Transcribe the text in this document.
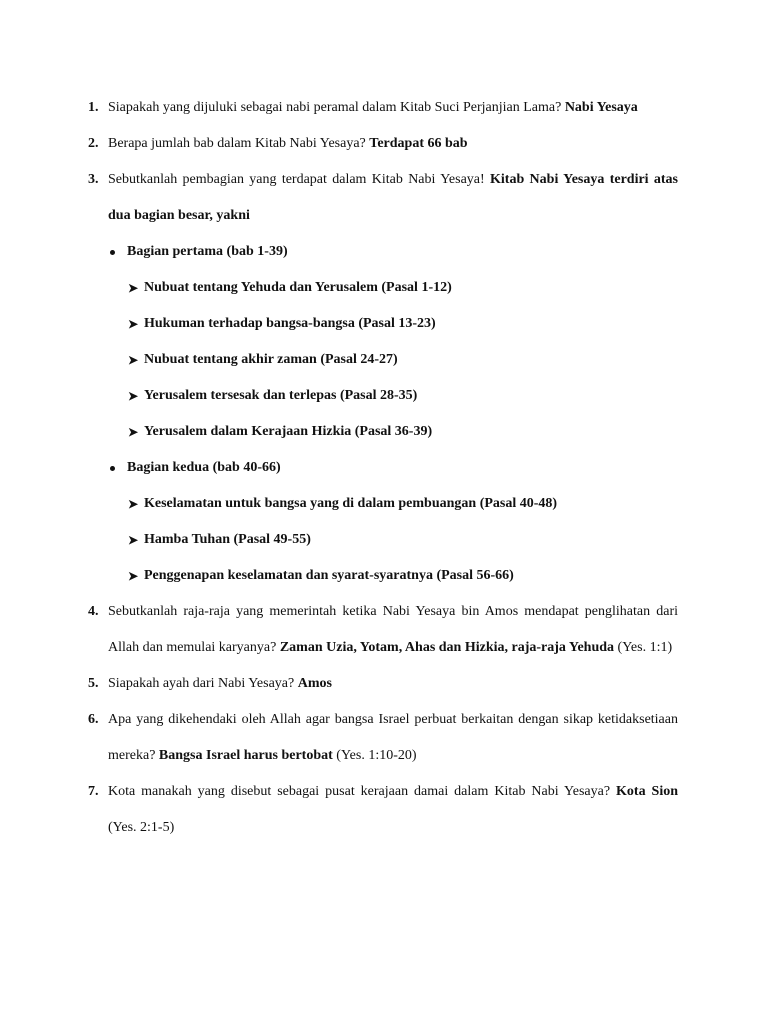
1. Siapakah yang dijuluki sebagai nabi peramal dalam Kitab Suci Perjanjian Lama? Nabi Yesaya
2. Berapa jumlah bab dalam Kitab Nabi Yesaya? Terdapat 66 bab
3. Sebutkanlah pembagian yang terdapat dalam Kitab Nabi Yesaya! Kitab Nabi Yesaya terdiri atas dua bagian besar, yakni
Bagian pertama (bab 1-39)
➤ Nubuat tentang Yehuda dan Yerusalem (Pasal 1-12)
➤ Hukuman terhadap bangsa-bangsa (Pasal 13-23)
➤ Nubuat tentang akhir zaman (Pasal 24-27)
➤ Yerusalem tersesak dan terlepas (Pasal 28-35)
➤ Yerusalem dalam Kerajaan Hizkia (Pasal 36-39)
Bagian kedua (bab 40-66)
➤ Keselamatan untuk bangsa yang di dalam pembuangan (Pasal 40-48)
➤ Hamba Tuhan (Pasal 49-55)
➤ Penggenapan keselamatan dan syarat-syaratnya (Pasal 56-66)
4. Sebutkanlah raja-raja yang memerintah ketika Nabi Yesaya bin Amos mendapat penglihatan dari Allah dan memulai karyanya? Zaman Uzia, Yotam, Ahas dan Hizkia, raja-raja Yehuda (Yes. 1:1)
5. Siapakah ayah dari Nabi Yesaya? Amos
6. Apa yang dikehendaki oleh Allah agar bangsa Israel perbuat berkaitan dengan sikap ketidaksetiaan mereka? Bangsa Israel harus bertobat (Yes. 1:10-20)
7. Kota manakah yang disebut sebagai pusat kerajaan damai dalam Kitab Nabi Yesaya? Kota Sion (Yes. 2:1-5)
